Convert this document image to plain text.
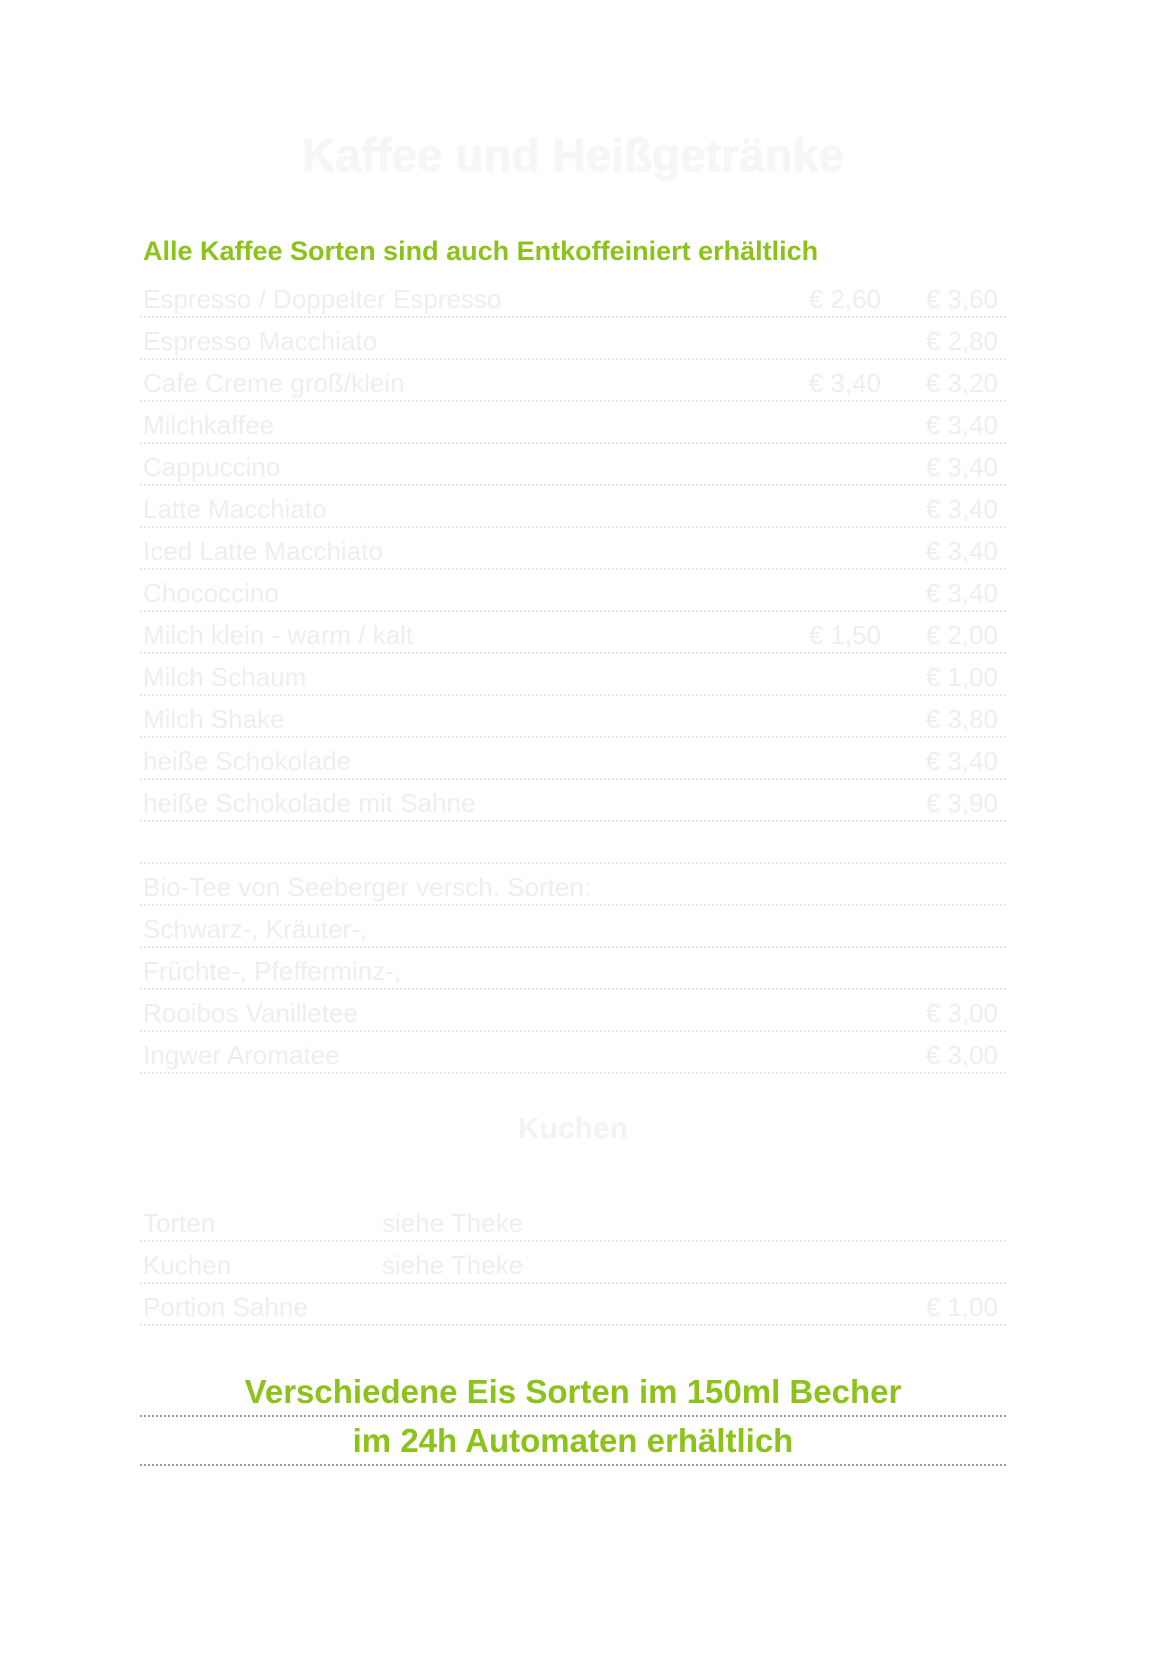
Kaffee und Heißgetränke
Alle Kaffee Sorten sind auch Entkoffeiniert erhältlich
Espresso / Doppelter Espresso	€ 2,60 € 3,60
Espresso Macchiato	€ 2,80
Cafe Creme groß/klein	€ 3,40 € 3,20
Milchkaffee	€ 3,40
Cappuccino	€ 3,40
Latte Macchiato	€ 3,40
Iced Latte Macchiato	€ 3,40
Chococcino	€ 3,40
Milch klein - warm / kalt	€ 1,50 € 2,00
Milch Schaum	€ 1,00
Milch Shake	€ 3,80
heiße Schokolade	€ 3,40
heiße Schokolade mit Sahne	€ 3,90
Bio-Tee von Seeberger versch. Sorten:
Schwarz-, Kräuter-,
Früchte-, Pfefferminz-,
Rooibos Vanilletee	€ 3,00
Ingwer Aromatee	€ 3,00
Kuchen
Torten	siehe Theke
Kuchen	siehe Theke
Portion Sahne	€ 1,00
Verschiedene Eis Sorten im 150ml Becher
im 24h Automaten erhältlich
